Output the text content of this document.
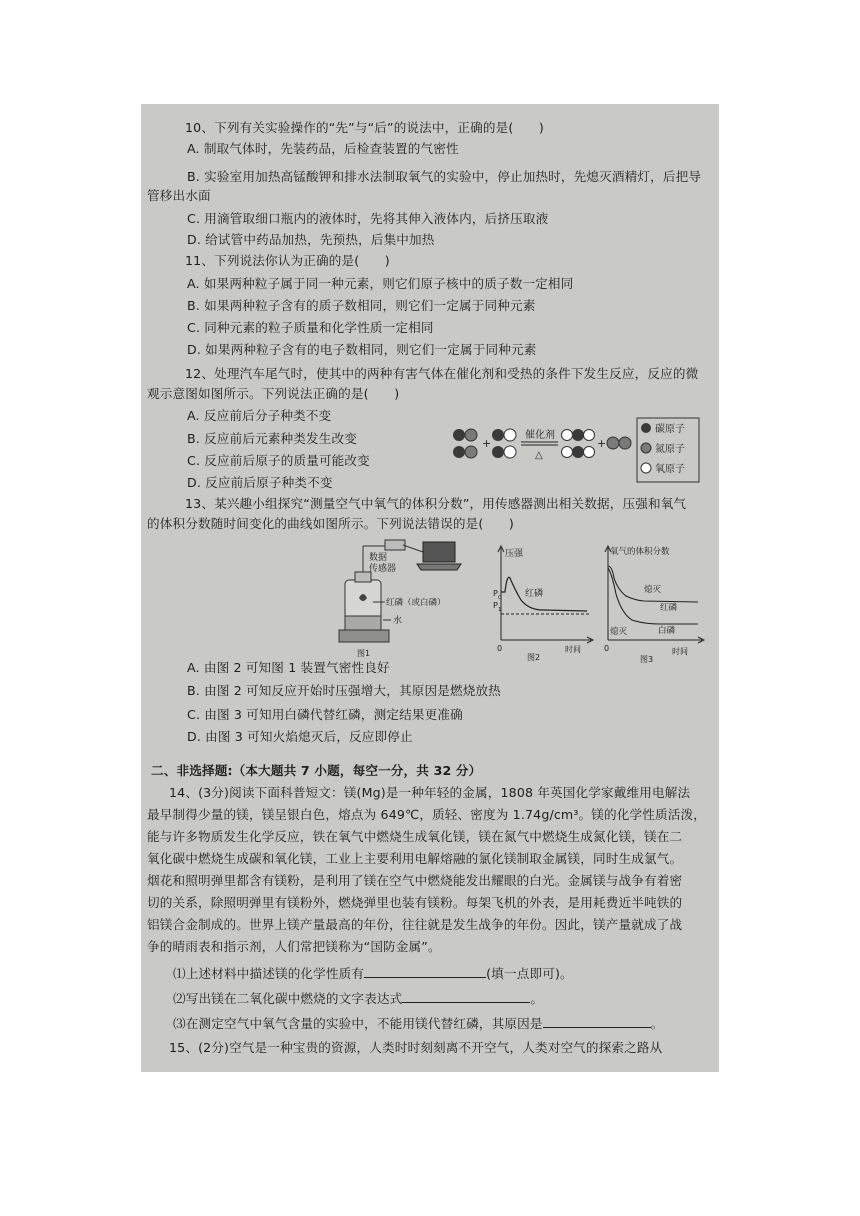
10、下列有关实验操作的“先”与“后”的说法中，正确的是(　　)
A. 制取气体时，先装药品，后检查装置的气密性
B. 实验室用加热高锰酸钾和排水法制取氧气的实验中，停止加热时，先熄灭酒精灯，后把导
管移出水面
C. 用滴管取细口瓶内的液体时，先将其伸入液体内，后挤压取液
D. 给试管中药品加热，先预热，后集中加热
11、下列说法你认为正确的是(　　)
A. 如果两种粒子属于同一种元素，则它们原子核中的质子数一定相同
B. 如果两种粒子含有的质子数相同，则它们一定属于同种元素
C. 同种元素的粒子质量和化学性质一定相同
D. 如果两种粒子含有的电子数相同，则它们一定属于同种元素
12、处理汽车尾气时，使其中的两种有害气体在催化剂和受热的条件下发生反应，反应的微
观示意图如图所示。下列说法正确的是(　　)
A. 反应前后分子种类不变
B. 反应前后元素种类发生改变
C. 反应前后原子的质量可能改变
D. 反应前后原子种类不变
+
催化剂
△
+
碳原子
氮原子
氧原子
13、某兴趣小组探究“测量空气中氧气的体积分数”，用传感器测出相关数据，压强和氧气
的体积分数随时间变化的曲线如图所示。下列说法错误的是(　　)
数据
传感器
红磷（或白磷）
水
图1
压强
P 0
P 1
红磷
0	时间
图2
氧气的体积分数
熄灭
红磷
熄灭	白磷
0	时间
图3
A. 由图 2 可知图 1 装置气密性良好
B. 由图 2 可知反应开始时压强增大，其原因是燃烧放热
C. 由图 3 可知用白磷代替红磷，测定结果更准确
D. 由图 3 可知火焰熄灭后，反应即停止
二、非选择题:（本大题共 7 小题，每空一分，共 32 分）
14、(3分)阅读下面科普短文：镁(Mg)是一种年轻的金属，1808 年英国化学家戴维用电解法
最早制得少量的镁，镁呈银白色，熔点为 649℃，质轻、密度为 1.74g/cm³。镁的化学性质活泼，
能与许多物质发生化学反应，铁在氧气中燃烧生成氧化镁，镁在氮气中燃烧生成氮化镁，镁在二
氧化碳中燃烧生成碳和氧化镁，工业上主要利用电解熔融的氯化镁制取金属镁，同时生成氯气。
烟花和照明弹里都含有镁粉，是利用了镁在空气中燃烧能发出耀眼的白光。金属镁与战争有着密
切的关系，除照明弹里有镁粉外，燃烧弹里也装有镁粉。每架飞机的外表，是用耗费近半吨铁的
铝镁合金制成的。世界上镁产量最高的年份，往往就是发生战争的年份。因此，镁产量就成了战
争的晴雨表和指示剂，人们常把镁称为“国防金属”。
⑴上述材料中描述镁的化学性质有	(填一点即可)。
⑵写出镁在二氧化碳中燃烧的文字表达式	。
⑶在测定空气中氧气含量的实验中，不能用镁代替红磷，其原因是	。
15、(2分)空气是一种宝贵的资源，人类时时刻刻离不开空气，人类对空气的探索之路从
